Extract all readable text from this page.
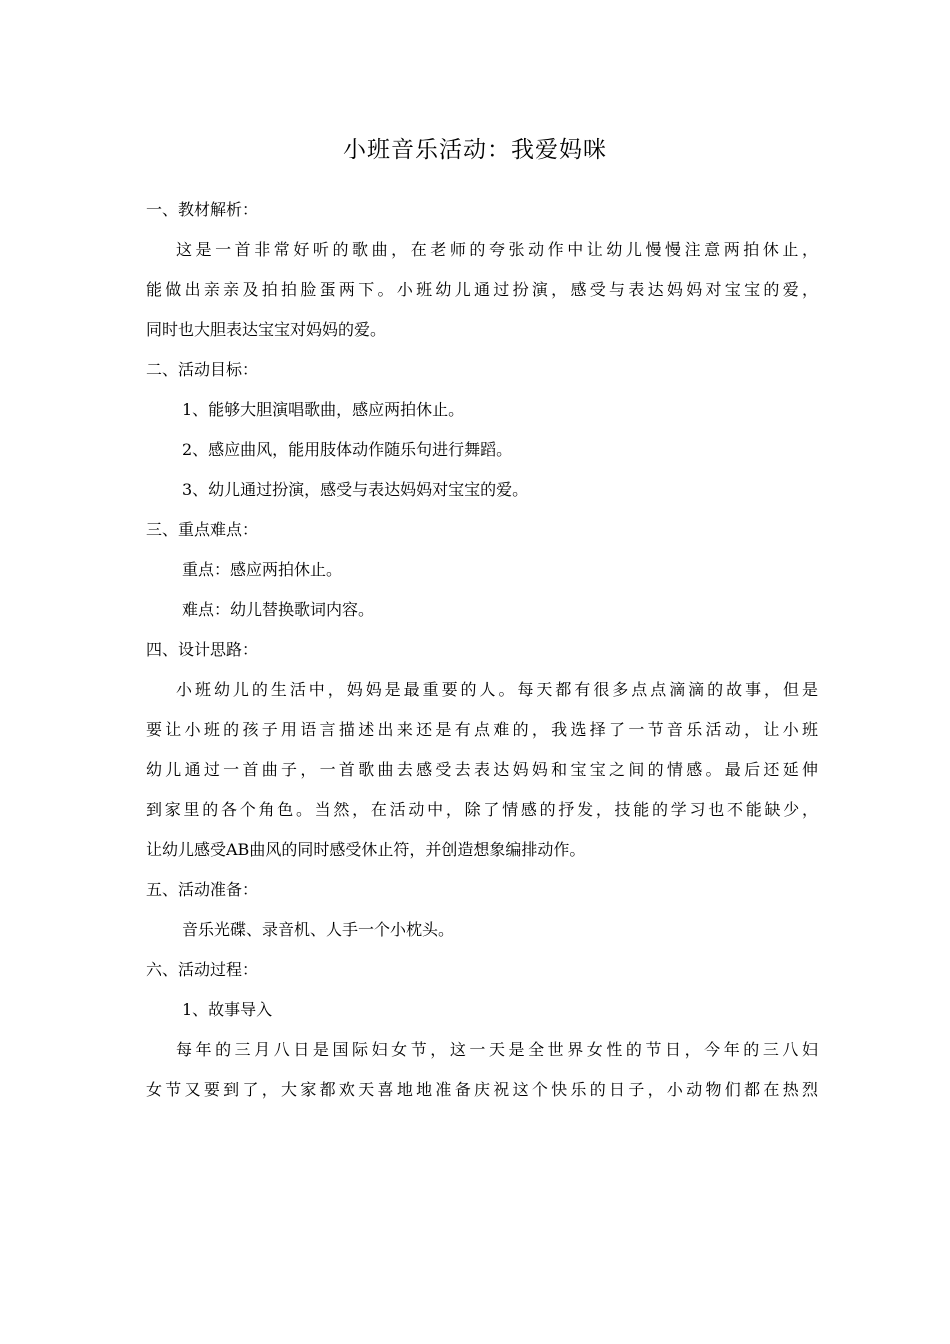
小班音乐活动：我爱妈咪
一、教材解析：
这是一首非常好听的歌曲，在老师的夸张动作中让幼儿慢慢注意两拍休止，
能做出亲亲及拍拍脸蛋两下。小班幼儿通过扮演，感受与表达妈妈对宝宝的爱，
同时也大胆表达宝宝对妈妈的爱。
二、活动目标：
1、能够大胆演唱歌曲，感应两拍休止。
2、感应曲风，能用肢体动作随乐句进行舞蹈。
3、幼儿通过扮演，感受与表达妈妈对宝宝的爱。
三、重点难点：
重点：感应两拍休止。
难点：幼儿替换歌词内容。
四、设计思路：
小班幼儿的生活中，妈妈是最重要的人。每天都有很多点点滴滴的故事，但是
要让小班的孩子用语言描述出来还是有点难的，我选择了一节音乐活动，让小班
幼儿通过一首曲子，一首歌曲去感受去表达妈妈和宝宝之间的情感。最后还延伸
到家里的各个角色。当然，在活动中，除了情感的抒发，技能的学习也不能缺少，
让幼儿感受AB曲风的同时感受休止符，并创造想象编排动作。
五、活动准备：
音乐光碟、录音机、人手一个小枕头。
六、活动过程：
1、故事导入
每年的三月八日是国际妇女节，这一天是全世界女性的节日，今年的三八妇
女节又要到了，大家都欢天喜地地准备庆祝这个快乐的日子，小动物们都在热烈
